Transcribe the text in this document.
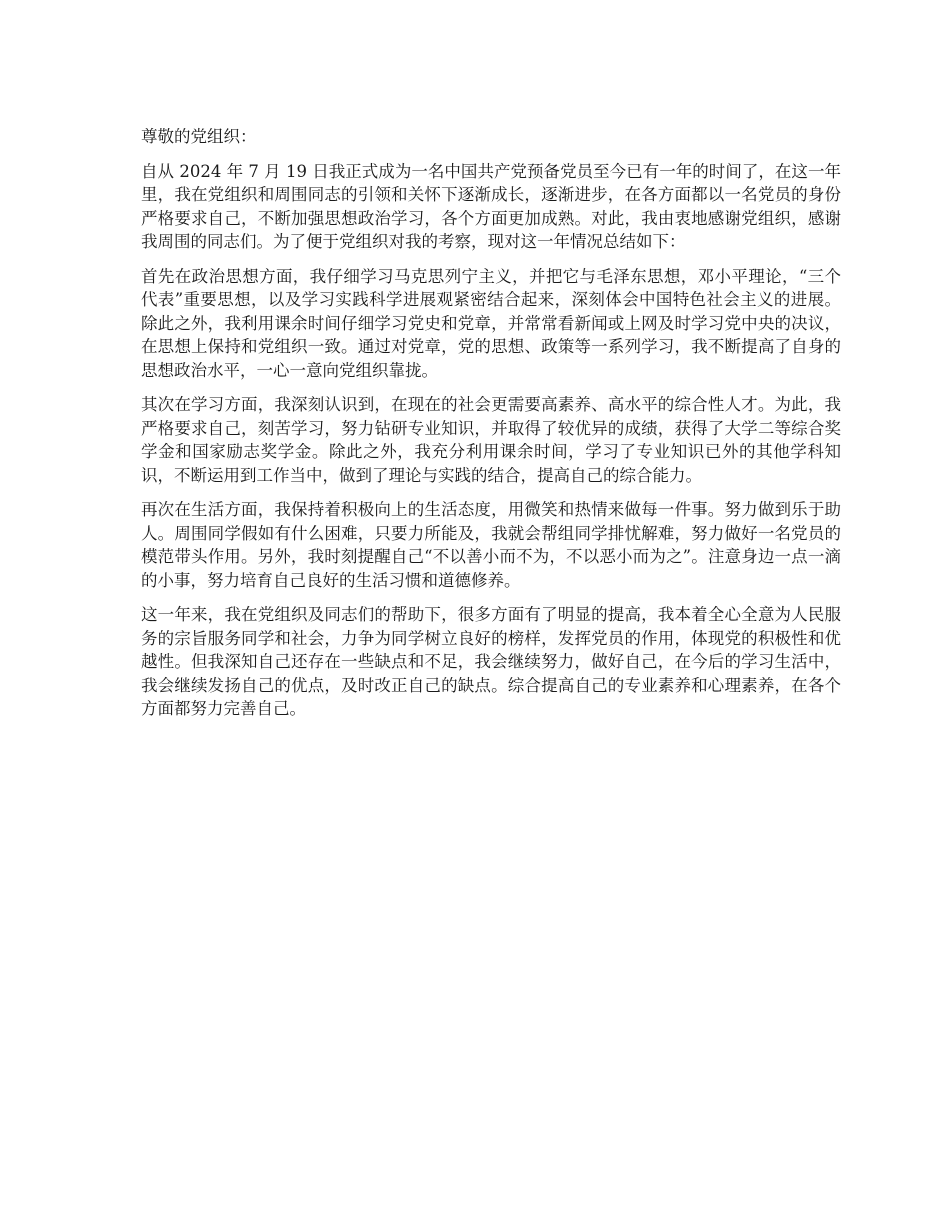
尊敬的党组织：

自从 2024 年 7 月 19 日我正式成为一名中国共产党预备党员至今已有一年的时间了，在这一年里，我在党组织和周围同志的引领和关怀下逐渐成长，逐渐进步，在各方面都以一名党员的身份严格要求自己，不断加强思想政治学习，各个方面更加成熟。对此，我由衷地感谢党组织，感谢我周围的同志们。为了便于党组织对我的考察，现对这一年情况总结如下：

首先在政治思想方面，我仔细学习马克思列宁主义，并把它与毛泽东思想，邓小平理论，“三个代表”重要思想，以及学习实践科学进展观紧密结合起来，深刻体会中国特色社会主义的进展。除此之外，我利用课余时间仔细学习党史和党章，并常常看新闻或上网及时学习党中央的决议，在思想上保持和党组织一致。通过对党章，党的思想、政策等一系列学习，我不断提高了自身的思想政治水平，一心一意向党组织靠拢。

其次在学习方面，我深刻认识到，在现在的社会更需要高素养、高水平的综合性人才。为此，我严格要求自己，刻苦学习，努力钻研专业知识，并取得了较优异的成绩，获得了大学二等综合奖学金和国家励志奖学金。除此之外，我充分利用课余时间，学习了专业知识已外的其他学科知识，不断运用到工作当中，做到了理论与实践的结合，提高自己的综合能力。

再次在生活方面，我保持着积极向上的生活态度，用微笑和热情来做每一件事。努力做到乐于助人。周围同学假如有什么困难，只要力所能及，我就会帮组同学排忧解难，努力做好一名党员的模范带头作用。另外，我时刻提醒自己“不以善小而不为，不以恶小而为之”。注意身边一点一滴的小事，努力培育自己良好的生活习惯和道德修养。

这一年来，我在党组织及同志们的帮助下，很多方面有了明显的提高，我本着全心全意为人民服务的宗旨服务同学和社会，力争为同学树立良好的榜样，发挥党员的作用，体现党的积极性和优越性。但我深知自己还存在一些缺点和不足，我会继续努力，做好自己，在今后的学习生活中，我会继续发扬自己的优点，及时改正自己的缺点。综合提高自己的专业素养和心理素养，在各个方面都努力完善自己。
